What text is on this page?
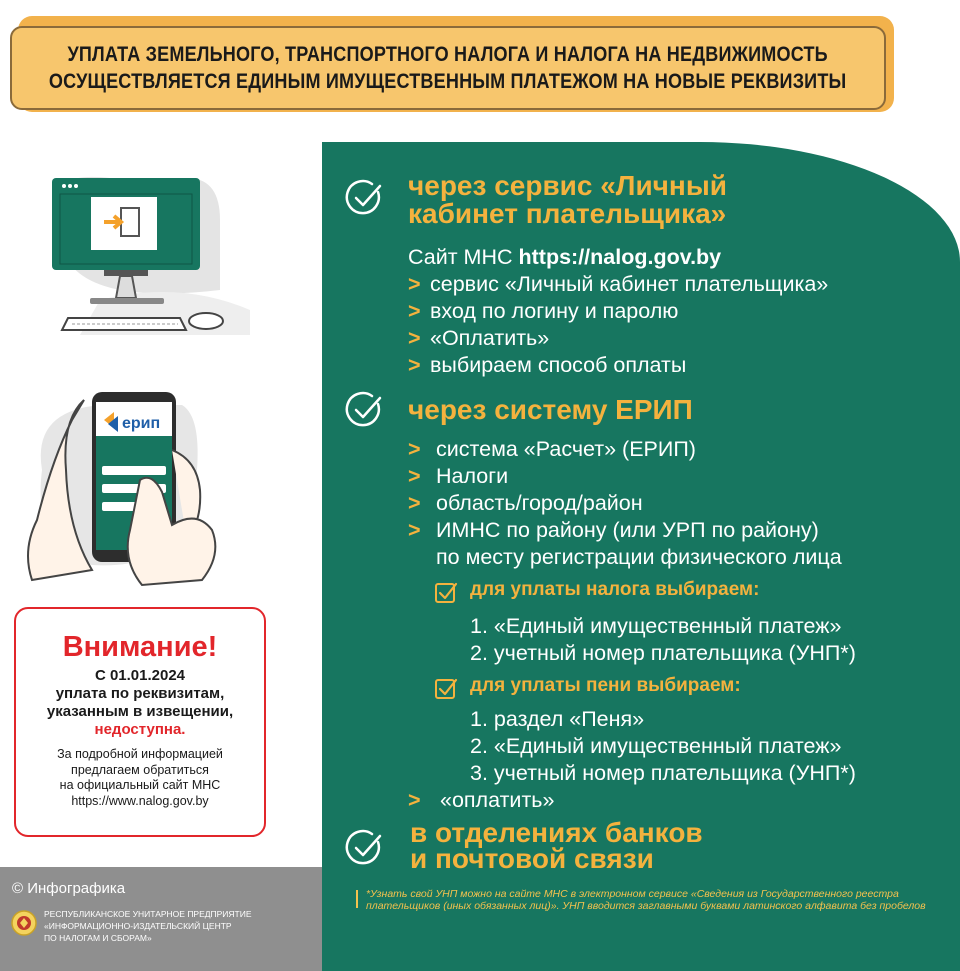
УПЛАТА ЗЕМЕЛЬНОГО, ТРАНСПОРТНОГО НАЛОГА И НАЛОГА НА НЕДВИЖИМОСТЬ
ОСУЩЕСТВЛЯЕТСЯ ЕДИНЫМ ИМУЩЕСТВЕННЫМ ПЛАТЕЖОМ НА НОВЫЕ РЕКВИЗИТЫ
ерип
Внимание!
С 01.01.2024
уплата по реквизитам,
указанным в извещении,
недоступна.
За подробной информацией
предлагаем обратиться
на официальный сайт МНС
https://www.nalog.gov.by
© Инфографика
РЕСПУБЛИКАНСКОЕ УНИТАРНОЕ ПРЕДПРИЯТИЕ
«ИНФОРМАЦИОННО-ИЗДАТЕЛЬСКИЙ ЦЕНТР
ПО НАЛОГАМ И СБОРАМ»
через сервис «Личный
кабинет плательщика»
Сайт МНС https://nalog.gov.by
> сервис «Личный кабинет плательщика»
> вход по логину и паролю
> «Оплатить»
> выбираем способ оплаты
через систему ЕРИП
> система «Расчет» (ЕРИП)
> Налоги
> область/город/район
> ИМНС по району (или УРП по району)
по месту регистрации физического лица
для уплаты налога выбираем:
1. «Единый имущественный платеж»
2. учетный номер плательщика (УНП*)
для уплаты пени выбираем:
1. раздел «Пеня»
2. «Единый имущественный платеж»
3. учетный номер плательщика (УНП*)
> «оплатить»
в отделениях банков
и почтовой связи
*Узнать свой УНП можно на сайте МНС в электронном сервисе «Сведения из Государственного реестра плательщиков (иных обязанных лиц)». УНП вводится заглавными буквами латинского алфавита без пробелов
